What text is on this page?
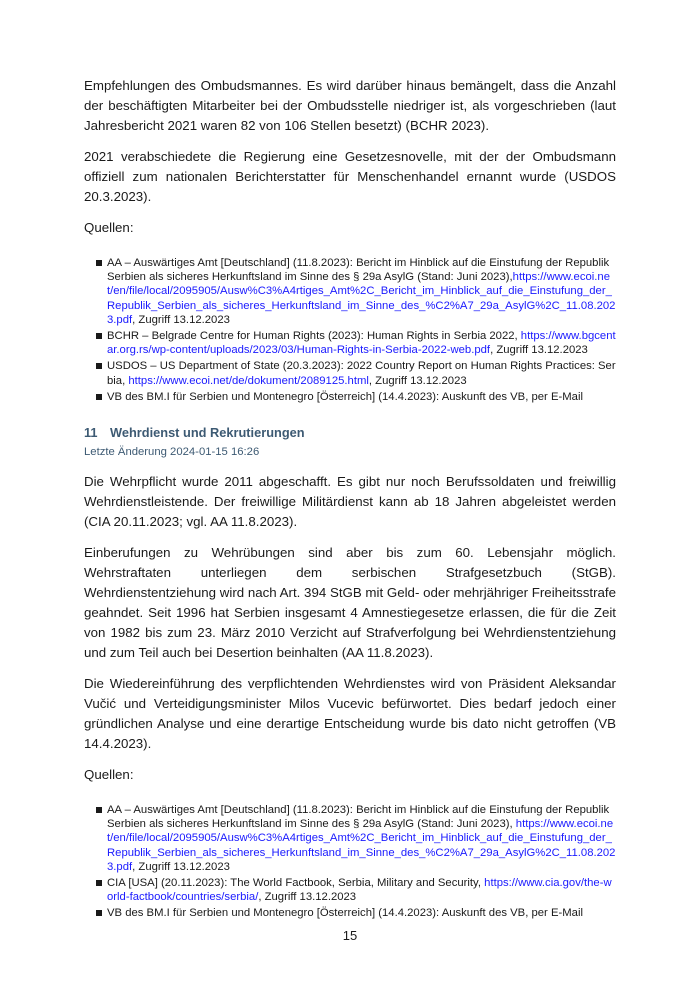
Empfehlungen des Ombudsmannes. Es wird darüber hinaus bemängelt, dass die Anzahl der beschäftigten Mitarbeiter bei der Ombudsstelle niedriger ist, als vorgeschrieben (laut Jahresbericht 2021 waren 82 von 106 Stellen besetzt) (BCHR 2023).

2021 verabschiedete die Regierung eine Gesetzesnovelle, mit der der Ombudsmann offiziell zum nationalen Berichterstatter für Menschenhandel ernannt wurde (USDOS 20.3.2023).

Quellen:

AA – Auswärtiges Amt [Deutschland] (11.8.2023): Bericht im Hinblick auf die Einstufung der Republik Serbien als sicheres Herkunftsland im Sinne des § 29a AsylG (Stand: Juni 2023),https://www.ecoi.net/en/file/local/2095905/Ausw%C3%A4rtiges_Amt%2C_Bericht_im_Hinblick_auf_die_Einstufung_der_Republik_Serbien_als_sicheres_Herkunftsland_im_Sinne_des_%C2%A7_29a_AsylG%2C_11.08.2023.pdf, Zugriff 13.12.2023
BCHR – Belgrade Centre for Human Rights (2023): Human Rights in Serbia 2022, https://www.bgcentar.org.rs/wp-content/uploads/2023/03/Human-Rights-in-Serbia-2022-web.pdf, Zugriff 13.12.2023
USDOS – US Department of State (20.3.2023): 2022 Country Report on Human Rights Practices: Serbia, https://www.ecoi.net/de/dokument/2089125.html, Zugriff 13.12.2023
VB des BM.I für Serbien und Montenegro [Österreich] (14.4.2023): Auskunft des VB, per E-Mail
11 Wehrdienst und Rekrutierungen
Letzte Änderung 2024-01-15 16:26

Die Wehrpflicht wurde 2011 abgeschafft. Es gibt nur noch Berufssoldaten und freiwillig Wehrdienstleistende. Der freiwillige Militärdienst kann ab 18 Jahren abgeleistet werden (CIA 20.11.2023; vgl. AA 11.8.2023).

Einberufungen zu Wehrübungen sind aber bis zum 60. Lebensjahr möglich. Wehrstraftaten unterliegen dem serbischen Strafgesetzbuch (StGB). Wehrdienstentziehung wird nach Art. 394 StGB mit Geld- oder mehrjähriger Freiheitsstrafe geahndet. Seit 1996 hat Serbien insgesamt 4 Amnestiegesetze erlassen, die für die Zeit von 1982 bis zum 23. März 2010 Verzicht auf Strafverfolgung bei Wehrdienstentziehung und zum Teil auch bei Desertion beinhalten (AA 11.8.2023).

Die Wiedereinführung des verpflichtenden Wehrdienstes wird von Präsident Aleksandar Vučić und Verteidigungsminister Milos Vucevic befürwortet. Dies bedarf jedoch einer gründlichen Analyse und eine derartige Entscheidung wurde bis dato nicht getroffen (VB 14.4.2023).

Quellen:

AA – Auswärtiges Amt [Deutschland] (11.8.2023): Bericht im Hinblick auf die Einstufung der Republik Serbien als sicheres Herkunftsland im Sinne des § 29a AsylG (Stand: Juni 2023), https://www.ecoi.net/en/file/local/2095905/Ausw%C3%A4rtiges_Amt%2C_Bericht_im_Hinblick_auf_die_Einstufung_der_Republik_Serbien_als_sicheres_Herkunftsland_im_Sinne_des_%C2%A7_29a_AsylG%2C_11.08.2023.pdf, Zugriff 13.12.2023
CIA [USA] (20.11.2023): The World Factbook, Serbia, Military and Security, https://www.cia.gov/the-world-factbook/countries/serbia/, Zugriff 13.12.2023
VB des BM.I für Serbien und Montenegro [Österreich] (14.4.2023): Auskunft des VB, per E-Mail
15
